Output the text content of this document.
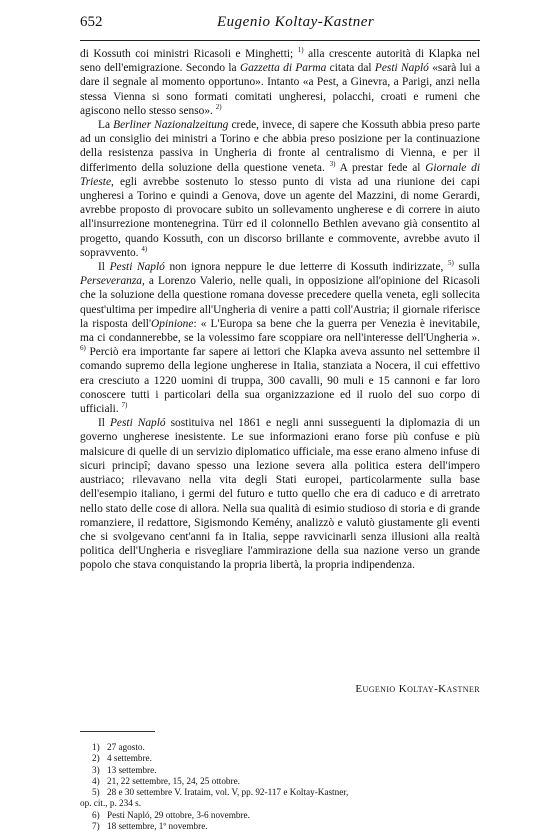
652	Eugenio Koltay-Kastner

di Kossuth coi ministri Ricasoli e Minghetti; $^{1)}$ alla crescente autorità di Klapka nel seno dell'emigrazione. Secondo la Gazzetta di Parma citata dal Pesti Napló «sarà lui a dare il segnale al momento opportuno». Intanto «a Pest, a Ginevra, a Parigi, anzi nella stessa Vienna si sono formati comitati ungheresi, polacchi, croati e rumeni che agiscono nello stesso senso». $^{2)}$

La Berliner Nazionalzeitung crede, invece, di sapere che Kossuth abbia preso parte ad un consiglio dei ministri a Torino e che abbia preso posizione per la continuazione della resistenza passiva in Ungheria di fronte al centralismo di Vienna, e per il differimento della soluzione della questione veneta. $^{3)}$ A prestar fede al Giornale di Trieste, egli avrebbe sostenuto lo stesso punto di vista ad una riunione dei capi ungheresi a Torino e quindi a Genova, dove un agente del Mazzini, di nome Gerardi, avrebbe proposto di provocare subito un sollevamento ungherese e di correre in aiuto all'insurrezione montenegrina. Türr ed il colonnello Bethlen avevano già consentito al progetto, quando Kossuth, con un discorso brillante e commovente, avrebbe avuto il sopravvento. $^{4)}$

Il Pesti Napló non ignora neppure le due letterre di Kossuth indirizzate, $^{5)}$ sulla Perseveranza, a Lorenzo Valerio, nelle quali, in opposizione all'opinione del Ricasoli che la soluzione della questione romana dovesse precedere quella veneta, egli sollecita quest'ultima per impedire all'Ungheria di venire a patti coll'Austria; il giornale riferisce la risposta dell'Opinione: « L'Europa sa bene che la guerra per Venezia è inevitabile, ma ci condannerebbe, se la volessimo fare scoppiare ora nell'interesse dell'Ungheria ». $^{6)}$ Perciò era importante far sapere ai lettori che Klapka aveva assunto nel settembre il comando supremo della legione ungherese in Italia, stanziata a Nocera, il cui effettivo era cresciuto a 1220 uomini di truppa, 300 cavalli, 90 muli e 15 cannoni e far loro conoscere tutti i particolari della sua organizzazione ed il ruolo del suo corpo di ufficiali. $^{7)}$

Il Pesti Napló sostituiva nel 1861 e negli anni susseguenti la diplomazia di un governo ungherese inesistente. Le sue informazioni erano forse più confuse e più malsicure di quelle di un servizio diplomatico ufficiale, ma esse erano almeno infuse di sicuri principî; davano spesso una lezione severa alla politica estera dell'impero austriaco; rilevavano nella vita degli Stati europei, particolarmente sulla base dell'esempio italiano, i germi del futuro e tutto quello che era di caduco e di arretrato nello stato delle cose di allora. Nella sua qualità di esimio studioso di storia e di grande romanziere, il redattore, Sigismondo Kemény, analizzò e valutò giustamente gli eventi che si svolgevano cent'anni fa in Italia, seppe ravvicinarli senza illusioni alla realtà politica dell'Ungheria e risvegliare l'ammirazione della sua nazione verso un grande popolo che stava conquistando la propria libertà, la propria indipendenza.

Eugenio Koltay-Kastner
1) 27 agosto.
2) 4 settembre.
3) 13 settembre.
4) 21, 22 settembre, 15, 24, 25 ottobre.
5) 28 e 30 settembre V. Irataim, vol. V, pp. 92-117 e Koltay-Kastner,
op. cit., p. 234 s.
6) Pesti Napló, 29 ottobre, 3-6 novembre.
7) 18 settembre, 1º novembre.
